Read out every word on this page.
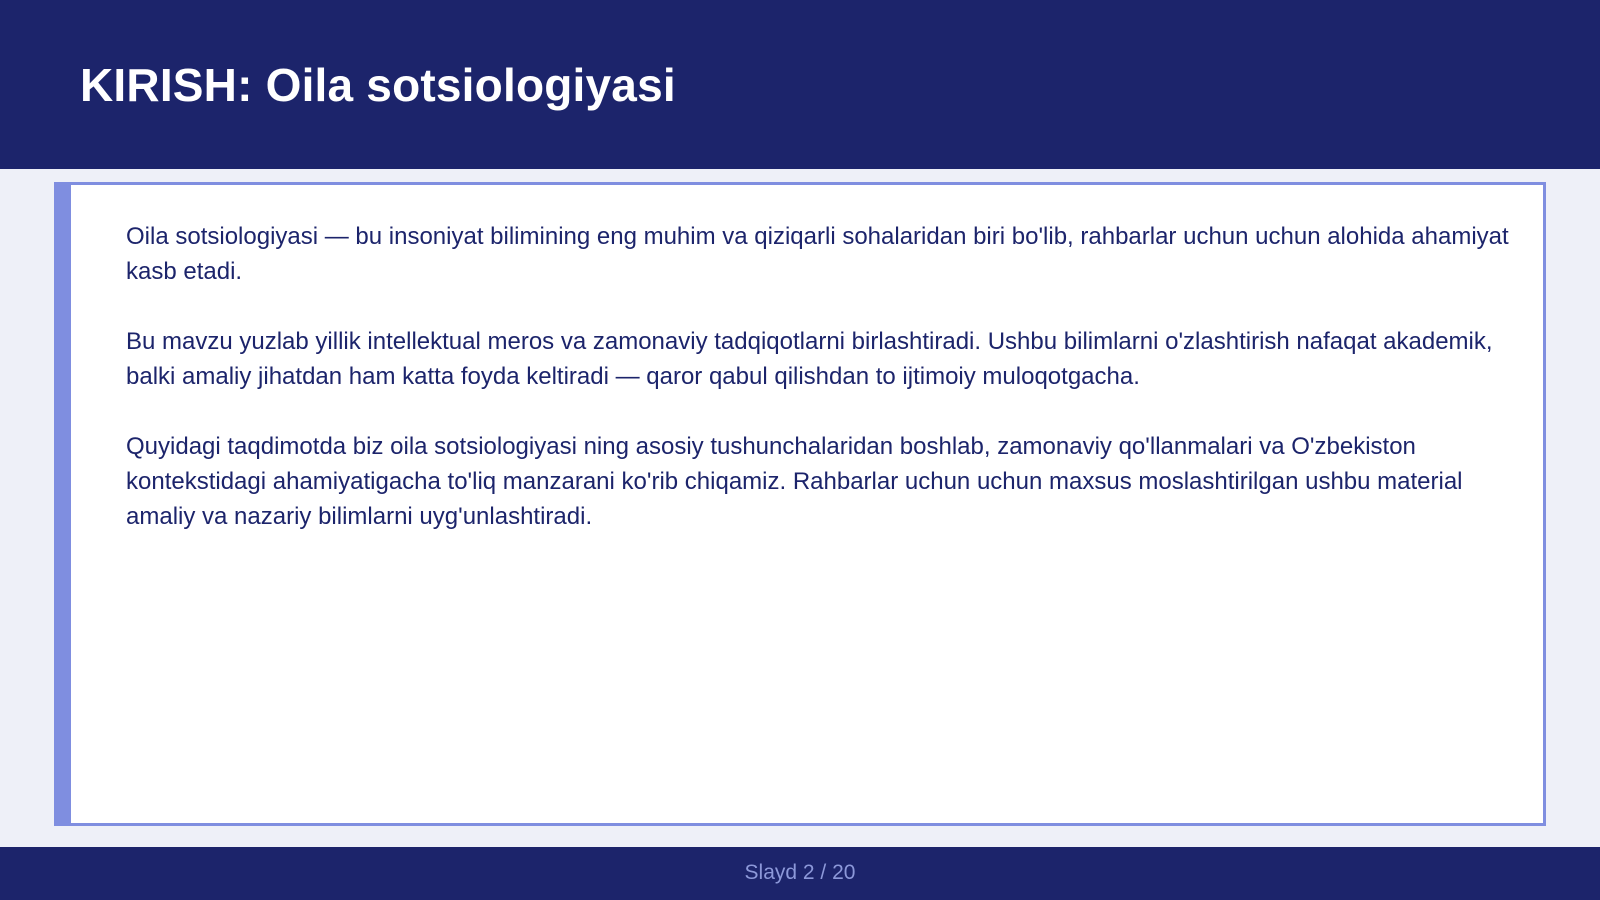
KIRISH: Oila sotsiologiyasi

Oila sotsiologiyasi — bu insoniyat bilimining eng muhim va qiziqarli sohalaridan biri bo'lib, rahbarlar uchun uchun alohida ahamiyat kasb etadi.

Bu mavzu yuzlab yillik intellektual meros va zamonaviy tadqiqotlarni birlashtiradi. Ushbu bilimlarni o'zlashtirish nafaqat akademik, balki amaliy jihatdan ham katta foyda keltiradi — qaror qabul qilishdan to ijtimoiy muloqotgacha.

Quyidagi taqdimotda biz oila sotsiologiyasi ning asosiy tushunchalaridan boshlab, zamonaviy qo'llanmalari va O'zbekiston kontekstidagi ahamiyatigacha to'liq manzarani ko'rib chiqamiz. Rahbarlar uchun uchun maxsus moslashtirilgan ushbu material amaliy va nazariy bilimlarni uyg'unlashtiradi.

Slayd 2 / 20
